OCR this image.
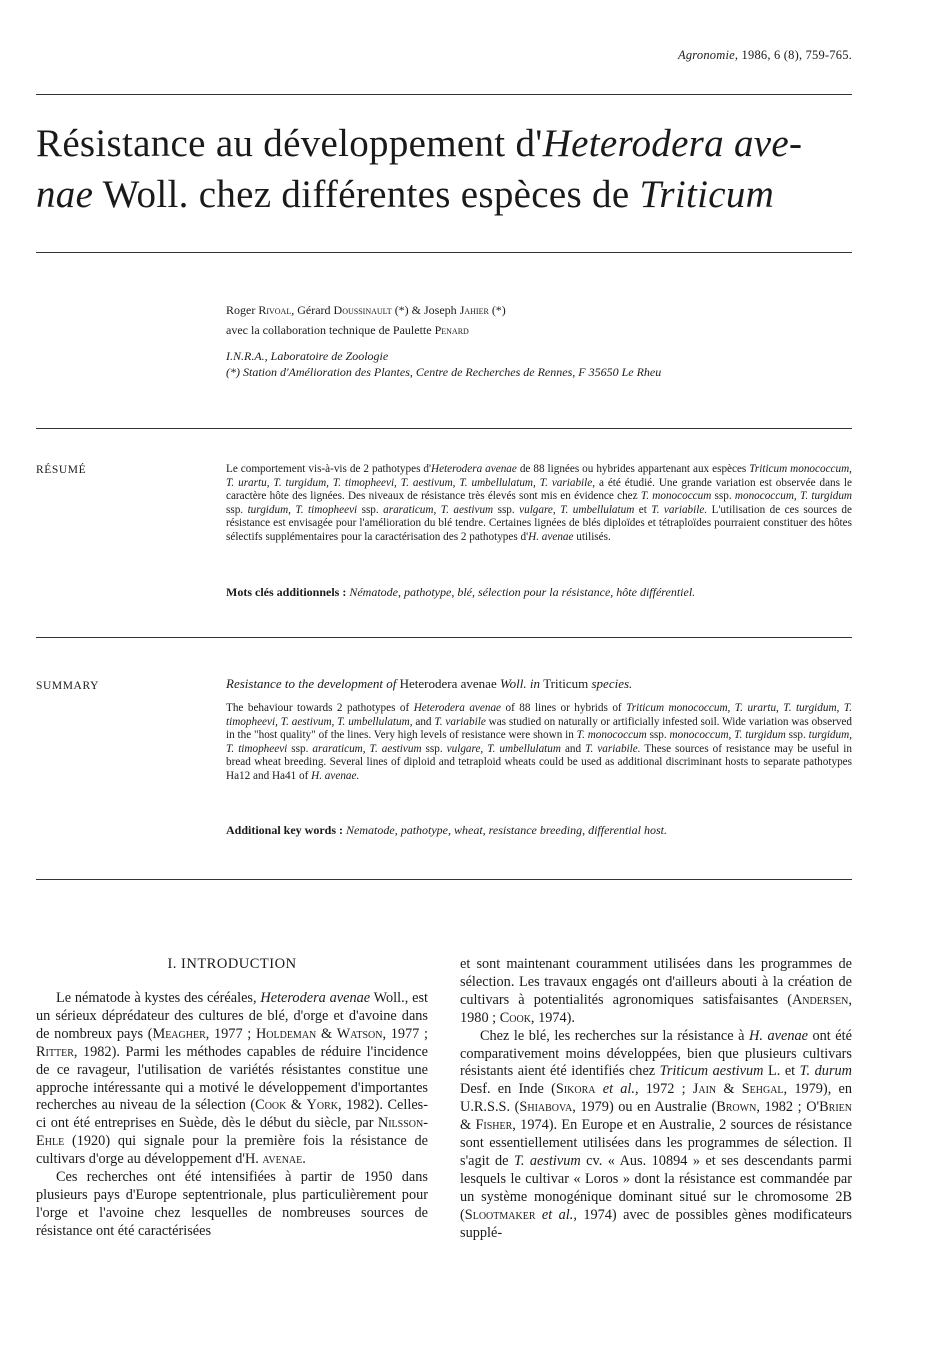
Agronomie, 1986, 6 (8), 759-765.
Résistance au développement d'Heterodera ave-
nae Woll. chez différentes espèces de Triticum
Roger Rivoal, Gérard Doussinault (*) & Joseph Jahier (*)
avec la collaboration technique de Paulette Penard
I.N.R.A., Laboratoire de Zoologie
(*) Station d'Amélioration des Plantes, Centre de Recherches de Rennes, F 35650 Le Rheu
RÉSUMÉ	Le comportement vis-à-vis de 2 pathotypes d'Heterodera avenae de 88 lignées ou hybrides appartenant aux espèces Triticum monococcum, T. urartu, T. turgidum, T. timopheevi, T. aestivum, T. umbellulatum, T. variabile, a été étudié. Une grande variation est observée dans le caractère hôte des lignées. Des niveaux de résistance très élevés sont mis en évidence chez T. monococcum ssp. monococcum, T. turgidum ssp. turgidum, T. timopheevi ssp. araraticum, T. aestivum ssp. vulgare, T. umbellulatum et T. variabile. L'utilisation de ces sources de résistance est envisagée pour l'amélioration du blé tendre. Certaines lignées de blés diploïdes et tétraploïdes pourraient constituer des hôtes sélectifs supplémentaires pour la caractérisation des 2 pathotypes d'H. avenae utilisés.
Mots clés additionnels : Nématode, pathotype, blé, sélection pour la résistance, hôte différentiel.
SUMMARY	Resistance to the development of Heterodera avenae Woll. in Triticum species.
The behaviour towards 2 pathotypes of Heterodera avenae of 88 lines or hybrids of Triticum monococcum, T. urartu, T. turgidum, T. timopheevi, T. aestivum, T. umbellulatum, and T. variabile was studied on naturally or artificially infested soil. Wide variation was observed in the "host quality" of the lines. Very high levels of resistance were shown in T. monococcum ssp. monococcum, T. turgidum ssp. turgidum, T. timopheevi ssp. araraticum, T. aestivum ssp. vulgare, T. umbellulatum and T. variabile. These sources of resistance may be useful in bread wheat breeding. Several lines of diploid and tetraploid wheats could be used as additional discriminant hosts to separate pathotypes Ha12 and Ha41 of H. avenae.
Additional key words : Nematode, pathotype, wheat, resistance breeding, differential host.
I. INTRODUCTION

Le nématode à kystes des céréales, Heterodera avenae Woll., est un sérieux déprédateur des cultures de blé, d'orge et d'avoine dans de nombreux pays (Meagher, 1977 ; Holdeman & Watson, 1977 ; Ritter, 1982). Parmi les méthodes capables de réduire l'incidence de ce ravageur, l'utilisation de variétés résistantes constitue une approche intéressante qui a motivé le développement d'importantes recherches au niveau de la sélection (Cook & York, 1982). Celles-ci ont été entreprises en Suède, dès le début du siècle, par Nilsson-Ehle (1920) qui signale pour la première fois la résistance de cultivars d'orge au développement d'H. avenae.

Ces recherches ont été intensifiées à partir de 1950 dans plusieurs pays d'Europe septentrionale, plus particulièrement pour l'orge et l'avoine chez lesquelles de nombreuses sources de résistance ont été caractérisées

et sont maintenant couramment utilisées dans les programmes de sélection. Les travaux engagés ont d'ailleurs abouti à la création de cultivars à potentialités agronomiques satisfaisantes (Andersen, 1980 ; Cook, 1974).

Chez le blé, les recherches sur la résistance à H. avenae ont été comparativement moins développées, bien que plusieurs cultivars résistants aient été identifiés chez Triticum aestivum L. et T. durum Desf. en Inde (Sikora et al., 1972 ; Jain & Sehgal, 1979), en U.R.S.S. (Shiabova, 1979) ou en Australie (Brown, 1982 ; O'Brien & Fisher, 1974). En Europe et en Australie, 2 sources de résistance sont essentiellement utilisées dans les programmes de sélection. Il s'agit de T. aestivum cv. « Aus. 10894 » et ses descendants parmi lesquels le cultivar « Loros » dont la résistance est commandée par un système monogénique dominant situé sur le chromosome 2B (Slootmaker et al., 1974) avec de possibles gènes modificateurs supplé-
